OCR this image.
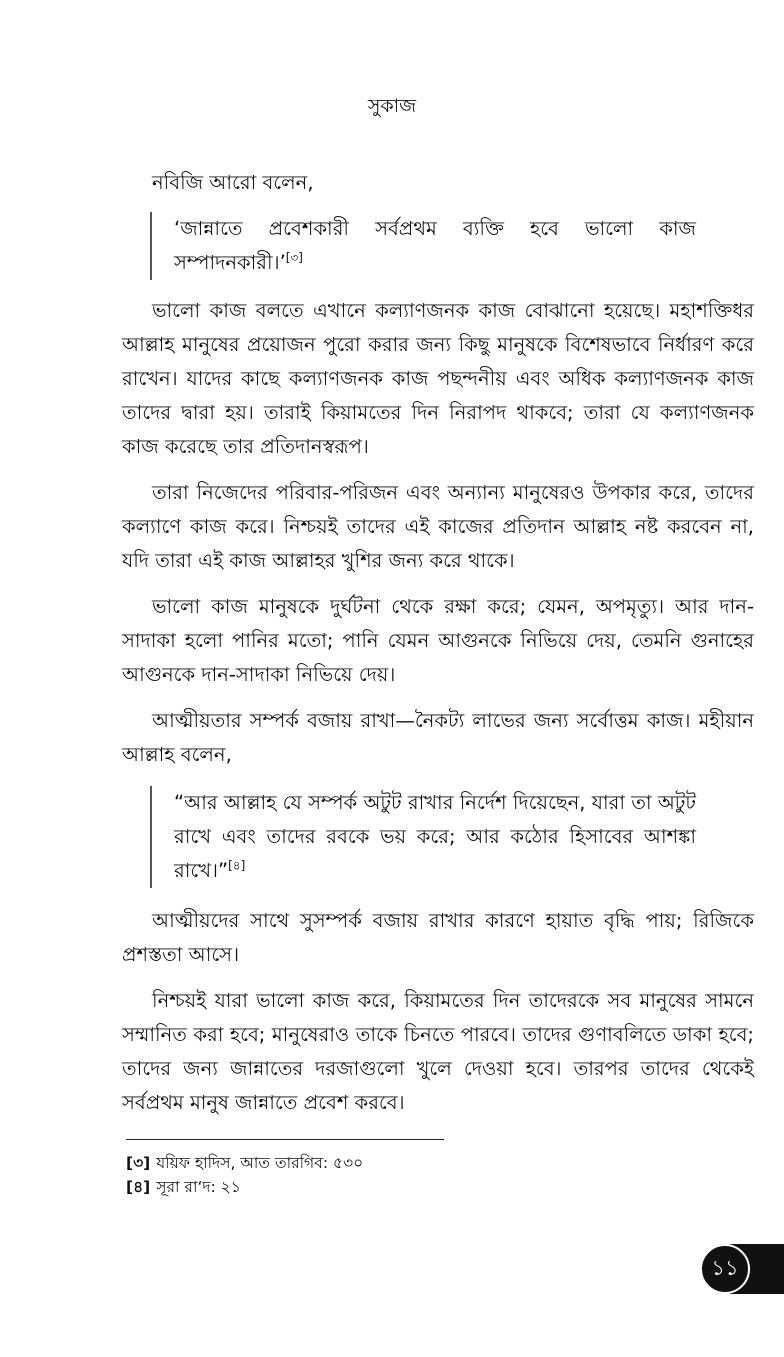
সুকাজ

নবিজি আরো বলেন,

‘জান্নাতে প্রবেশকারী সর্বপ্রথম ব্যক্তি হবে ভালো কাজ সম্পাদনকারী।’[৩]

ভালো কাজ বলতে এখানে কল্যাণজনক কাজ বোঝানো হয়েছে। মহাশক্তিধর আল্লাহ মানুষের প্রয়োজন পুরো করার জন্য কিছু মানুষকে বিশেষভাবে নির্ধারণ করে রাখেন। যাদের কাছে কল্যাণজনক কাজ পছন্দনীয় এবং অধিক কল্যাণজনক কাজ তাদের দ্বারা হয়। তারাই কিয়ামতের দিন নিরাপদ থাকবে; তারা যে কল্যাণজনক কাজ করেছে তার প্রতিদানস্বরূপ।

তারা নিজেদের পরিবার-পরিজন এবং অন্যান্য মানুষেরও উপকার করে, তাদের কল্যাণে কাজ করে। নিশ্চয়ই তাদের এই কাজের প্রতিদান আল্লাহ নষ্ট করবেন না, যদি তারা এই কাজ আল্লাহর খুশির জন্য করে থাকে।

ভালো কাজ মানুষকে দুর্ঘটনা থেকে রক্ষা করে; যেমন, অপমৃত্যু। আর দান-সাদাকা হলো পানির মতো; পানি যেমন আগুনকে নিভিয়ে দেয়, তেমনি গুনাহের আগুনকে দান-সাদাকা নিভিয়ে দেয়।

আত্মীয়তার সম্পর্ক বজায় রাখা—নৈকট্য লাভের জন্য সর্বোত্তম কাজ। মহীয়ান আল্লাহ বলেন,

“আর আল্লাহ যে সম্পর্ক অটুট রাখার নির্দেশ দিয়েছেন, যারা তা অটুট রাখে এবং তাদের রবকে ভয় করে; আর কঠোর হিসাবের আশঙ্কা রাখে।”[৪]

আত্মীয়দের সাথে সুসম্পর্ক বজায় রাখার কারণে হায়াত বৃদ্ধি পায়; রিজিকে প্রশস্ততা আসে।

নিশ্চয়ই যারা ভালো কাজ করে, কিয়ামতের দিন তাদেরকে সব মানুষের সামনে সম্মানিত করা হবে; মানুষেরাও তাকে চিনতে পারবে। তাদের গুণাবলিতে ডাকা হবে; তাদের জন্য জান্নাতের দরজাগুলো খুলে দেওয়া হবে। তারপর তাদের থেকেই সর্বপ্রথম মানুষ জান্নাতে প্রবেশ করবে।

[৩] যয়িফ হাদিস, আত তারগিব: ৫৩০
[৪] সূরা রা‘দ: ২১
১১
